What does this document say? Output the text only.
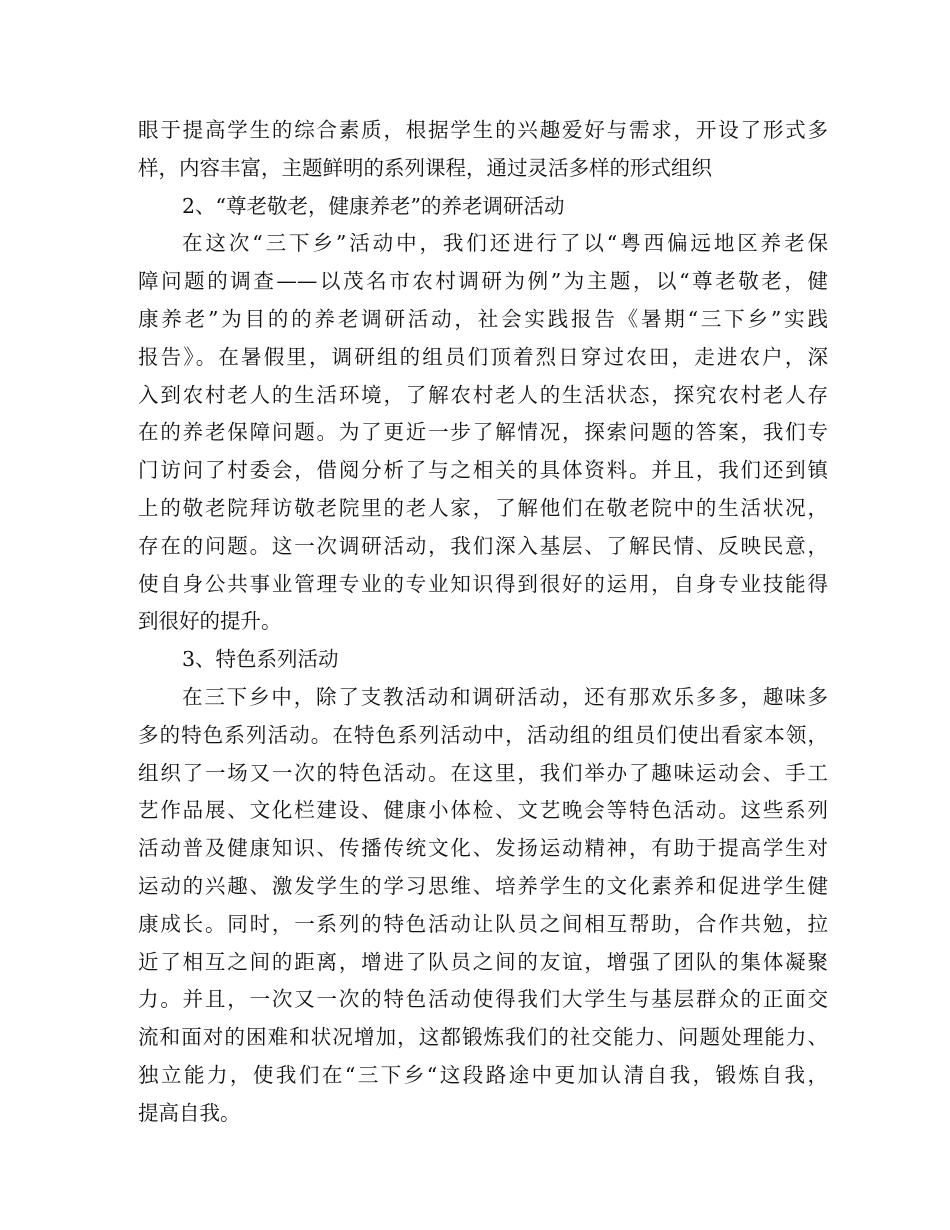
眼于提高学生的综合素质，根据学生的兴趣爱好与需求，开设了形式多
样，内容丰富，主题鲜明的系列课程，通过灵活多样的形式组织
2、“尊老敬老，健康养老”的养老调研活动
在这次“三下乡”活动中，我们还进行了以“粤西偏远地区养老保
障问题的调查——以茂名市农村调研为例”为主题，以“尊老敬老，健
康养老”为目的的养老调研活动，社会实践报告《暑期“三下乡”实践
报告》。在暑假里，调研组的组员们顶着烈日穿过农田，走进农户，深
入到农村老人的生活环境，了解农村老人的生活状态，探究农村老人存
在的养老保障问题。为了更近一步了解情况，探索问题的答案，我们专
门访问了村委会，借阅分析了与之相关的具体资料。并且，我们还到镇
上的敬老院拜访敬老院里的老人家，了解他们在敬老院中的生活状况，
存在的问题。这一次调研活动，我们深入基层、了解民情、反映民意，
使自身公共事业管理专业的专业知识得到很好的运用，自身专业技能得
到很好的提升。
3、特色系列活动
在三下乡中，除了支教活动和调研活动，还有那欢乐多多，趣味多
多的特色系列活动。在特色系列活动中，活动组的组员们使出看家本领，
组织了一场又一次的特色活动。在这里，我们举办了趣味运动会、手工
艺作品展、文化栏建设、健康小体检、文艺晚会等特色活动。这些系列
活动普及健康知识、传播传统文化、发扬运动精神，有助于提高学生对
运动的兴趣、激发学生的学习思维、培养学生的文化素养和促进学生健
康成长。同时，一系列的特色活动让队员之间相互帮助，合作共勉，拉
近了相互之间的距离，增进了队员之间的友谊，增强了团队的集体凝聚
力。并且，一次又一次的特色活动使得我们大学生与基层群众的正面交
流和面对的困难和状况增加，这都锻炼我们的社交能力、问题处理能力、
独立能力，使我们在“三下乡“这段路途中更加认清自我，锻炼自我，
提高自我。
